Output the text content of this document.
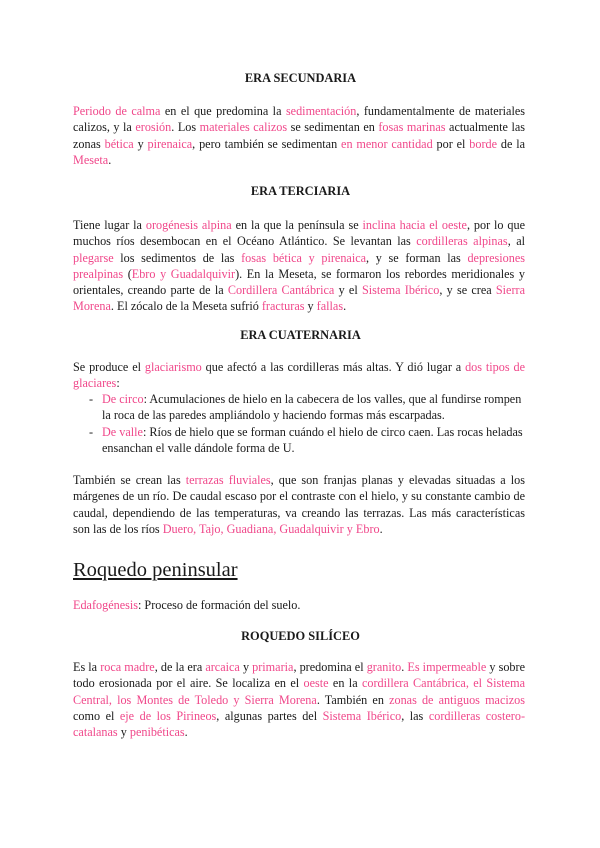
ERA SECUNDARIA

Periodo de calma en el que predomina la sedimentación, fundamentalmente de materiales calizos, y la erosión. Los materiales calizos se sedimentan en fosas marinas actualmente las zonas bética y pirenaica, pero también se sedimentan en menor cantidad por el borde de la Meseta.

ERA TERCIARIA

Tiene lugar la orogénesis alpina en la que la península se inclina hacia el oeste, por lo que muchos ríos desembocan en el Océano Atlántico. Se levantan las cordilleras alpinas, al plegarse los sedimentos de las fosas bética y pirenaica, y se forman las depresiones prealpinas (Ebro y Guadalquivir). En la Meseta, se formaron los rebordes meridionales y orientales, creando parte de la Cordillera Cantábrica y el Sistema Ibérico, y se crea Sierra Morena. El zócalo de la Meseta sufrió fracturas y fallas.

ERA CUATERNARIA

Se produce el glaciarismo que afectó a las cordilleras más altas. Y dió lugar a dos tipos de glaciares:

- De circo: Acumulaciones de hielo en la cabecera de los valles, que al fundirse rompen la roca de las paredes ampliándolo y haciendo formas más escarpadas.
- De valle: Ríos de hielo que se forman cuándo el hielo de circo caen. Las rocas heladas ensanchan el valle dándole forma de U.

También se crean las terrazas fluviales, que son franjas planas y elevadas situadas a los márgenes de un río. De caudal escaso por el contraste con el hielo, y su constante cambio de caudal, dependiendo de las temperaturas, va creando las terrazas. Las más características son las de los ríos Duero, Tajo, Guadiana, Guadalquivir y Ebro.

Roquedo peninsular

Edafogénesis: Proceso de formación del suelo.

ROQUEDO SILÍCEO

Es la roca madre, de la era arcaica y primaria, predomina el granito. Es impermeable y sobre todo erosionada por el aire. Se localiza en el oeste en la cordillera Cantábrica, el Sistema Central, los Montes de Toledo y Sierra Morena. También en zonas de antiguos macizos como el eje de los Pirineos, algunas partes del Sistema Ibérico, las cordilleras costero-catalanas y penibéticas.
